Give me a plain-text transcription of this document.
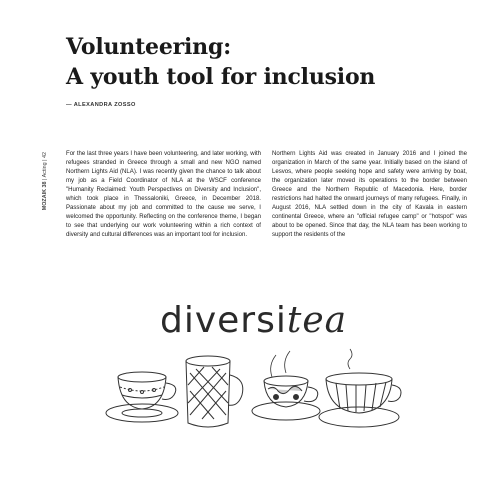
Volunteering:
A youth tool for inclusion
— ALEXANDRA ZOSSO
MOZAIK 38 | Acting | 42	For the last three years I have been volunteering, and later working, with refugees stranded in Greece through a small and new NGO named Northern Lights Aid (NLA). I was recently given the chance to talk about my job as a Field Coordinator of NLA at the WSCF conference "Humanity Reclaimed: Youth Perspectives on Diversity and Inclusion", which took place in Thessaloniki, Greece, in December 2018. Passionate about my job and committed to the cause we serve, I welcomed the opportunity. Reflecting on the conference theme, I began to see that underlying our work volunteering within a rich context of diversity and cultural differences was an important tool for inclusion.

Northern Lights Aid was created in January 2016 and I joined the organization in March of the same year. Initially based on the island of Lesvos, where people seeking hope and safety were arriving by boat, the organization later moved its operations to the border between Greece and the Northern Republic of Macedonia. Here, border restrictions had halted the onward journeys of many refugees. Finally, in August 2016, NLA settled down in the city of Kavala in eastern continental Greece, where an "official refugee camp" or "hotspot" was about to be opened. Since that day, the NLA team has been working to support the residents of the

diversitea
